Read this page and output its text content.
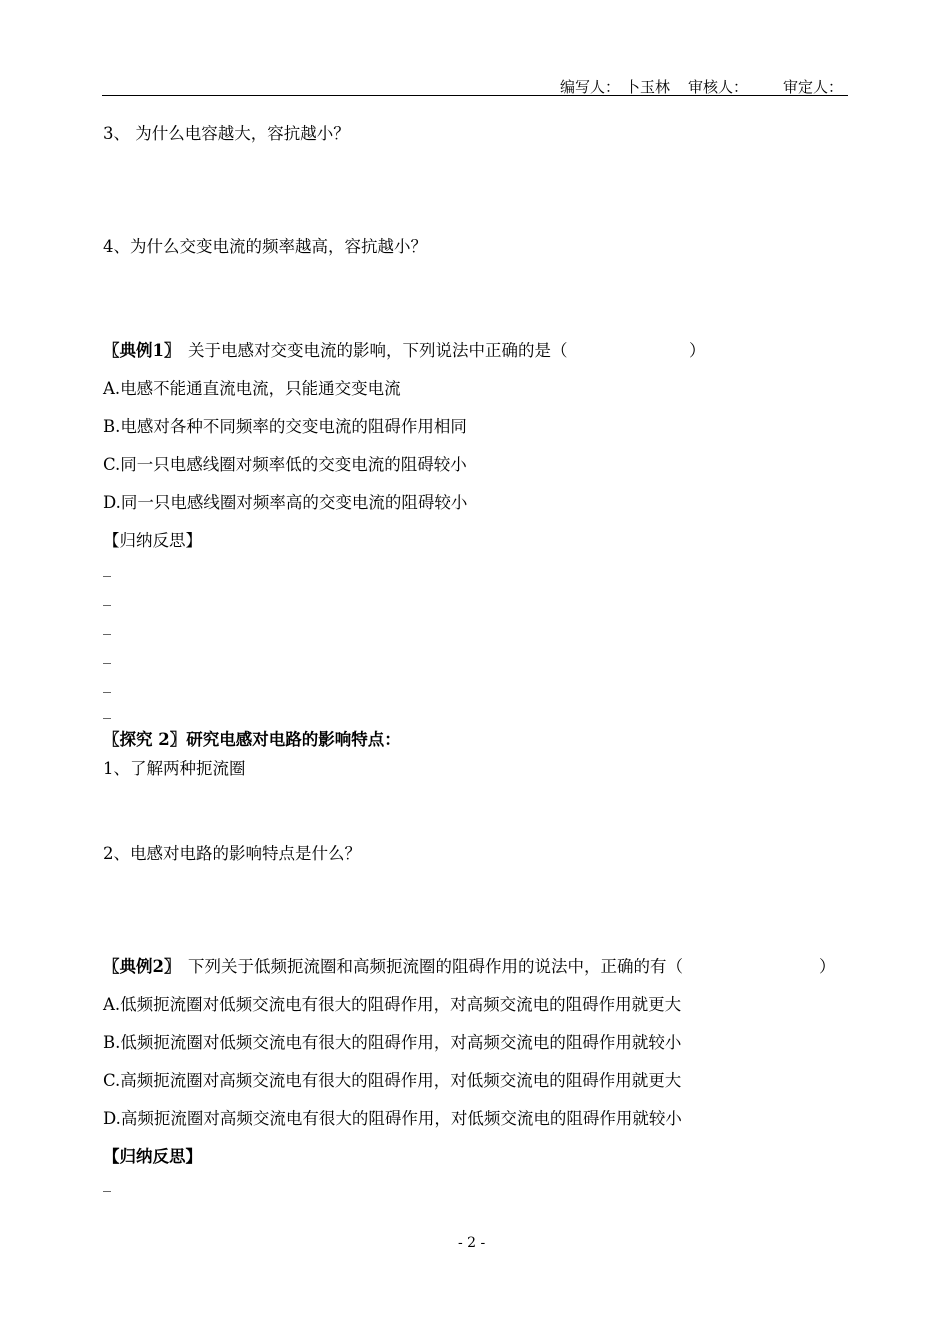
编写人： 卜玉林 审核人： 审定人：
3、 为什么电容越大，容抗越小？
4、为什么交变电流的频率越高，容抗越小？
〖典例1〗 关于电感对交变电流的影响，下列说法中正确的是（	）
A.电感不能通直流电流，只能通交变电流
B.电感对各种不同频率的交变电流的阻碍作用相同
C.同一只电感线圈对频率低的交变电流的阻碍较小
D.同一只电感线圈对频率高的交变电流的阻碍较小
【归纳反思】
_
_
_
_
_
_
〖探究 2〗研究电感对电路的影响特点：
1、了解两种扼流圈
2、电感对电路的影响特点是什么？
〖典例2〗 下列关于低频扼流圈和高频扼流圈的阻碍作用的说法中，正确的有（	）
A.低频扼流圈对低频交流电有很大的阻碍作用，对高频交流电的阻碍作用就更大
B.低频扼流圈对低频交流电有很大的阻碍作用，对高频交流电的阻碍作用就较小
C.高频扼流圈对高频交流电有很大的阻碍作用，对低频交流电的阻碍作用就更大
D.高频扼流圈对高频交流电有很大的阻碍作用，对低频交流电的阻碍作用就较小
【归纳反思】
_
- 2 -
